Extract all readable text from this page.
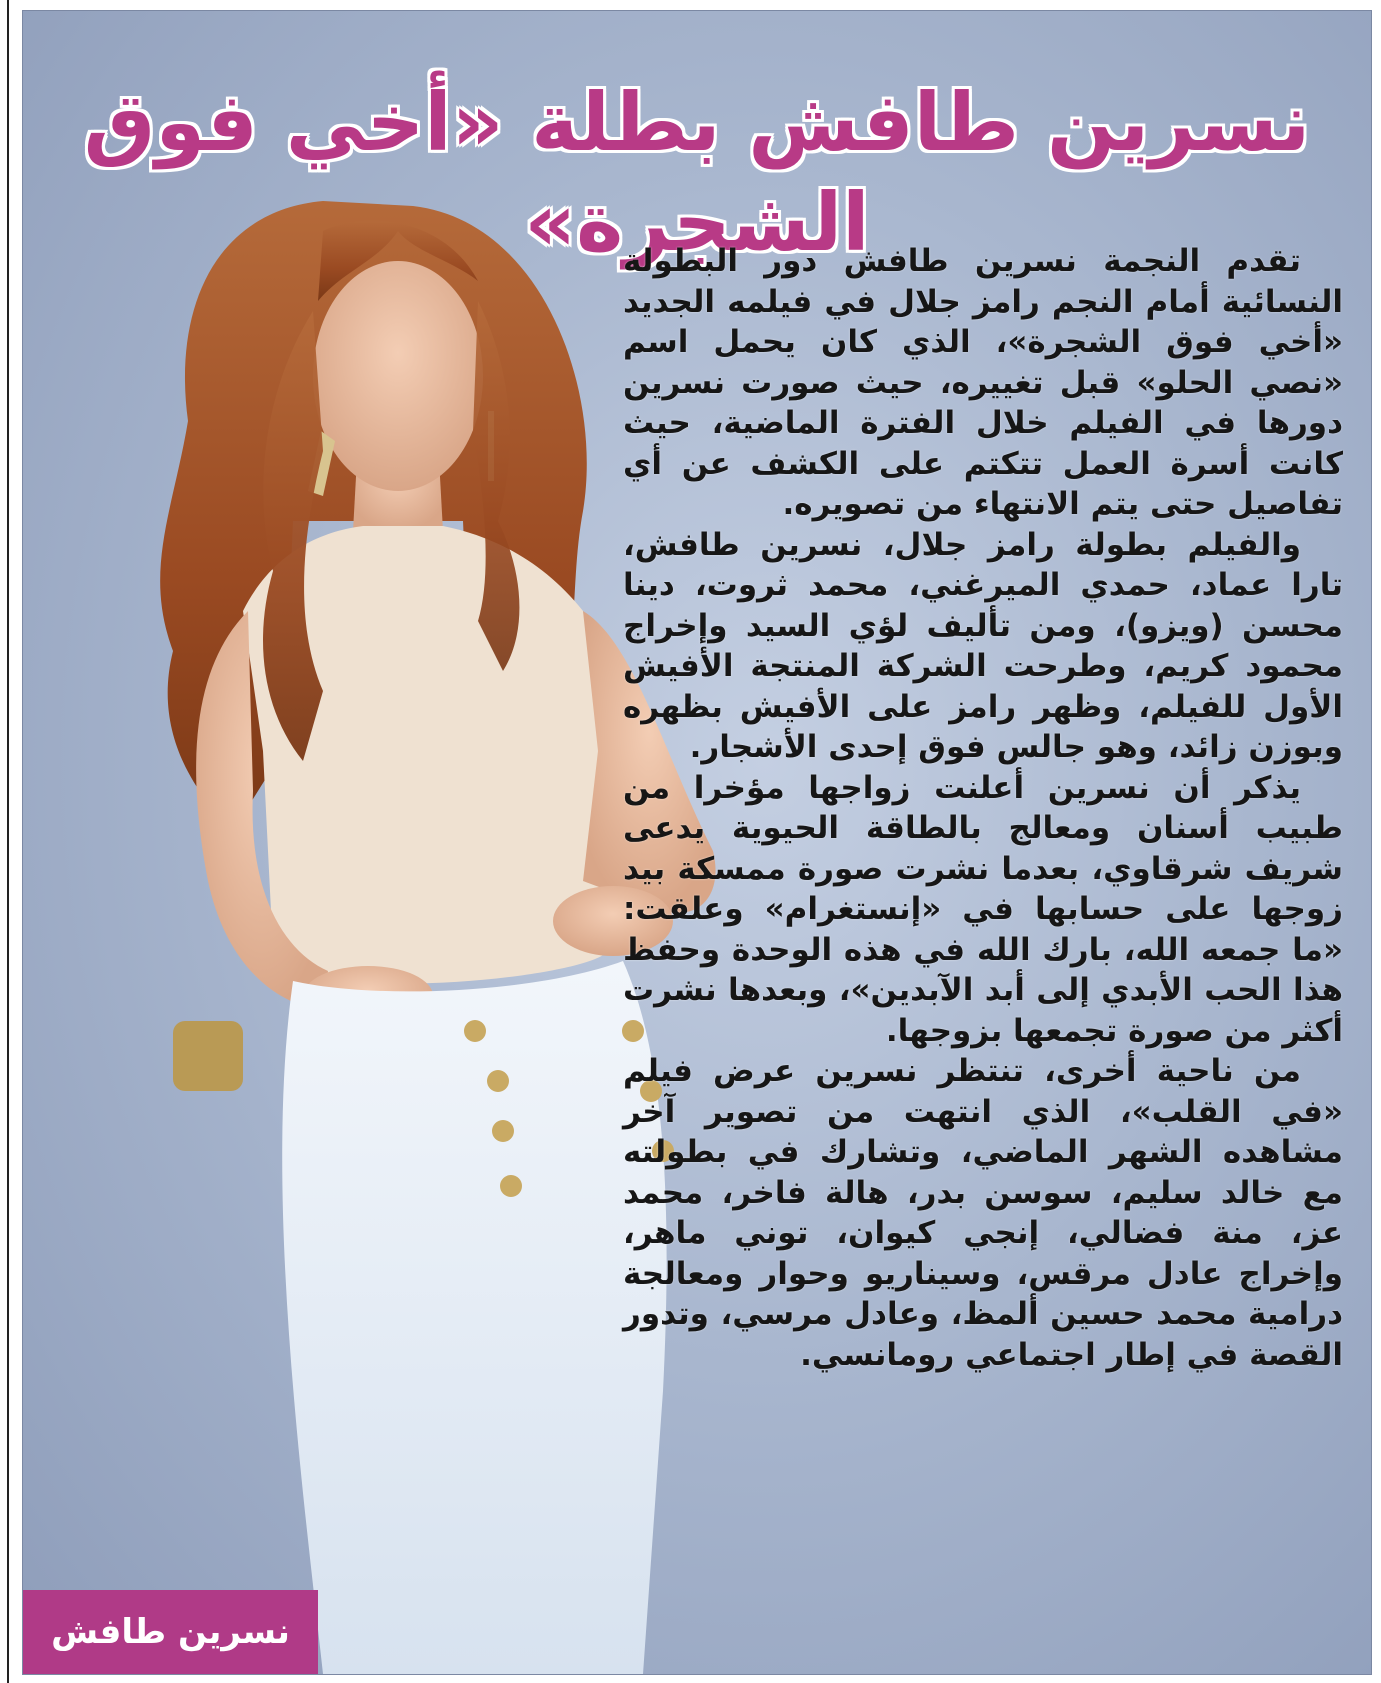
نسرين طافش بطلة «أخي فوق الشجرة»

تقدم النجمة نسرين طافش دور البطولة النسائية أمام النجم رامز جلال في فيلمه الجديد «أخي فوق الشجرة»، الذي كان يحمل اسم «نصي الحلو» قبل تغييره، حيث صورت نسرين دورها في الفيلم خلال الفترة الماضية، حيث كانت أسرة العمل تتكتم على الكشف عن أي تفاصيل حتى يتم الانتهاء من تصويره.

والفيلم بطولة رامز جلال، نسرين طافش، تارا عماد، حمدي الميرغني، محمد ثروت، دينا محسن (ويزو)، ومن تأليف لؤي السيد وإخراج محمود كريم، وطرحت الشركة المنتجة الأفيش الأول للفيلم، وظهر رامز على الأفيش بظهره وبوزن زائد، وهو جالس فوق إحدى الأشجار.

يذكر أن نسرين أعلنت زواجها مؤخرا من طبيب أسنان ومعالج بالطاقة الحيوية يدعى شريف شرقاوي، بعدما نشرت صورة ممسكة بيد زوجها على حسابها في «إنستغرام» وعلقت: «ما جمعه الله، بارك الله في هذه الوحدة وحفظ هذا الحب الأبدي إلى أبد الآبدين»، وبعدها نشرت أكثر من صورة تجمعها بزوجها.

من ناحية أخرى، تنتظر نسرين عرض فيلم «في القلب»، الذي انتهت من تصوير آخر مشاهده الشهر الماضي، وتشارك في بطولته مع خالد سليم، سوسن بدر، هالة فاخر، محمد عز، منة فضالي، إنجي كيوان، توني ماهر، وإخراج عادل مرقس، وسيناريو وحوار ومعالجة درامية محمد حسين ألمظ، وعادل مرسي، وتدور القصة في إطار اجتماعي رومانسي.

نسرين طافش
